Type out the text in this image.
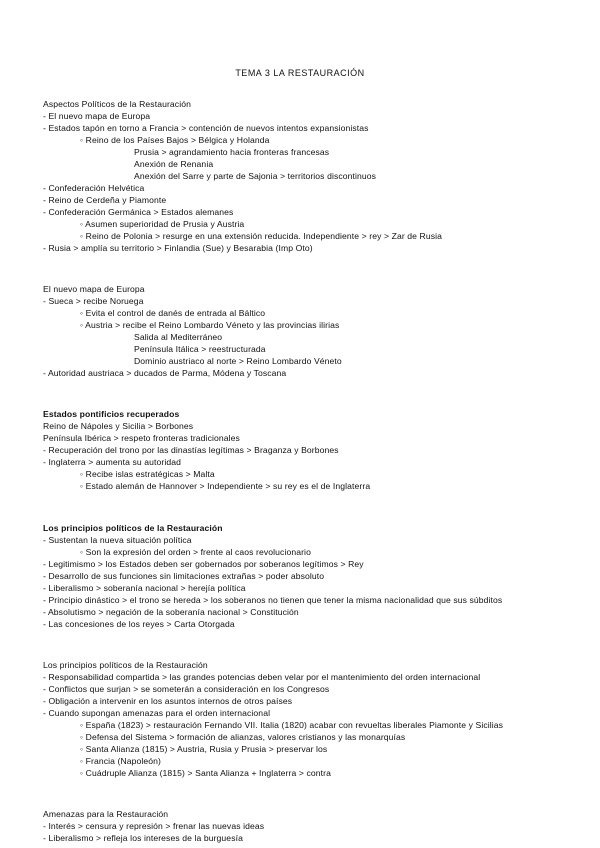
TEMA 3 LA RESTAURACIÓN

Aspectos Políticos de la Restauración

- El nuevo mapa de Europa

- Estados tapón en torno a Francia > contención de nuevos intentos expansionistas

◦ Reino de los Países Bajos > Bélgica y Holanda

Prusia > agrandamiento hacia fronteras francesas

Anexión de Renania

Anexión del Sarre y parte de Sajonia > territorios discontinuos

- Confederación Helvética

- Reino de Cerdeña y Piamonte

- Confederación Germánica > Estados alemanes

◦ Asumen superioridad de Prusia y Austria

◦ Reino de Polonia > resurge en una extensión reducida. Independiente > rey > Zar de Rusia

- Rusia > amplía su territorio > Finlandia (Sue) y Besarabia (Imp Oto)

El nuevo mapa de Europa

- Sueca > recibe Noruega

◦ Evita el control de danés de entrada al Báltico

◦ Austria > recibe el Reino Lombardo Véneto y las provincias ilirias

Salida al Mediterráneo

Península Itálica > reestructurada

Dominio austriaco al norte > Reino Lombardo Véneto

- Autoridad austriaca > ducados de Parma, Módena y Toscana

Estados pontificios recuperados

Reino de Nápoles y Sicilia > Borbones

Península Ibérica > respeto fronteras tradicionales

- Recuperación del trono por las dinastías legítimas > Braganza y Borbones

- Inglaterra > aumenta su autoridad

◦ Recibe islas estratégicas > Malta

◦ Estado alemán de Hannover > Independiente > su rey es el de Inglaterra

Los principios políticos de la Restauración

- Sustentan la nueva situación política

◦ Son la expresión del orden > frente al caos revolucionario

- Legitimismo > los Estados deben ser gobernados por soberanos legítimos > Rey

- Desarrollo de sus funciones sin limitaciones extrañas > poder absoluto

- Liberalismo > soberanía nacional > herejía política

- Principio dinástico > el trono se hereda > los soberanos no tienen que tener la misma nacionalidad que sus súbditos

- Absolutismo > negación de la soberanía nacional > Constitución

- Las concesiones de los reyes > Carta Otorgada

Los principios políticos de la Restauración

- Responsabilidad compartida > las grandes potencias deben velar por el mantenimiento del orden internacional

- Conflictos que surjan > se someterán a consideración en los Congresos

- Obligación a intervenir en los asuntos internos de otros países

- Cuando supongan amenazas para el orden internacional

◦ España (1823) > restauración Fernando VII. Italia (1820) acabar con revueltas liberales Piamonte y Sicilias

◦ Defensa del Sistema > formación de alianzas, valores cristianos y las monarquías

◦ Santa Alianza (1815) > Austria, Rusia y Prusia > preservar los

◦ Francia (Napoleón)

◦ Cuádruple Alianza (1815) > Santa Alianza + Inglaterra > contra

Amenazas para la Restauración

- Interés > censura y represión > frenar las nuevas ideas

- Liberalismo > refleja los intereses de la burguesía
